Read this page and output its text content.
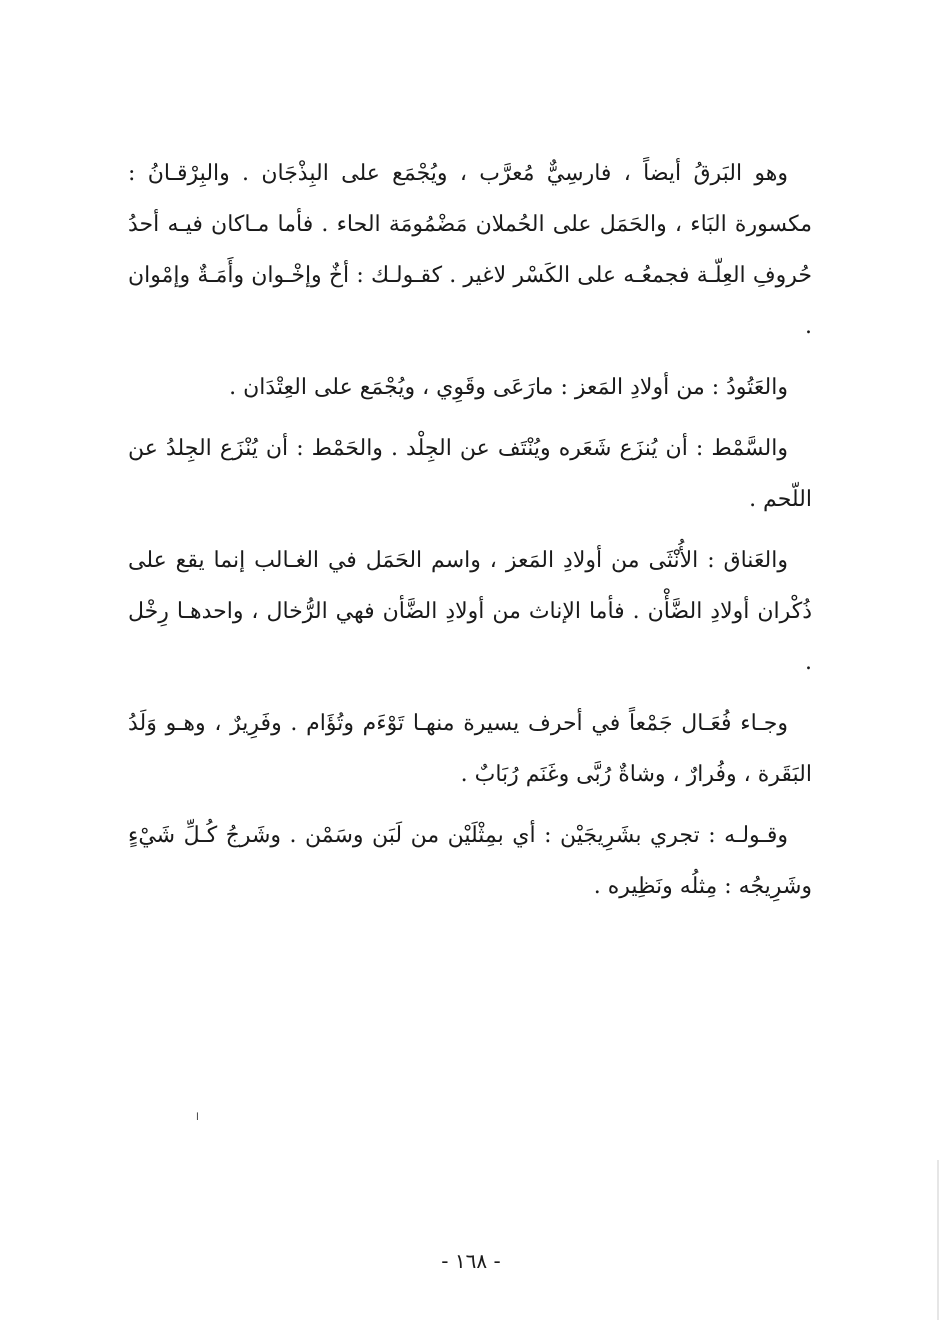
وهو البَرقُ أيضاً ، فارسِيٌّ مُعرَّب ، ويُجْمَع على البِذْجَان . والبِرْقـانُ : مكسورة البَاء ، والحَمَل على الحُملان مَضْمُومَة الحاء . فأما مـاكان فيـه أحدُ حُروفِ العِلّـة فجمعُـه على الكَسْر لاغير . كقـولـك : أخٌ وإخْـوان وأَمَـةٌ وإمْوان .

والعَتُودُ : من أولادِ المَعز : مارَعَى وقَوِي ، ويُجْمَع على العِتْدَان .

والسَّمْط : أن يُنزَع شَعَره ويُنْتَف عن الجِلْد . والحَمْط : أن يُنْزَع الجِلدُ عن اللّحم .

والعَناق : الأُنْثَى من أولادِ المَعز ، واسم الحَمَل في الغـالب إنما يقع على ذُكْران أولادِ الضَّأْن . فأما الإناث من أولادِ الضَّأن فهي الرُّخال ، واحدهـا رِخْل .

وجـاء فُعَـال جَمْعاً في أحرف يسيرة منهـا تَوْءَم وتُؤَام . وفَرِيرٌ ، وهـو وَلَدُ البَقَرة ، وفُرارٌ ، وشاةٌ رُبَّى وغَنَم رُبَابٌ .

وقـولـه : تجري بشَرِيجَيْن : أي بمِثْلَيْن من لَبَن وسَمْن . وشَرجُ كُـلِّ شَيْءٍ وشَرِيجُه : مِثلُه ونَظِيره .

ا
- ١٦٨ -
